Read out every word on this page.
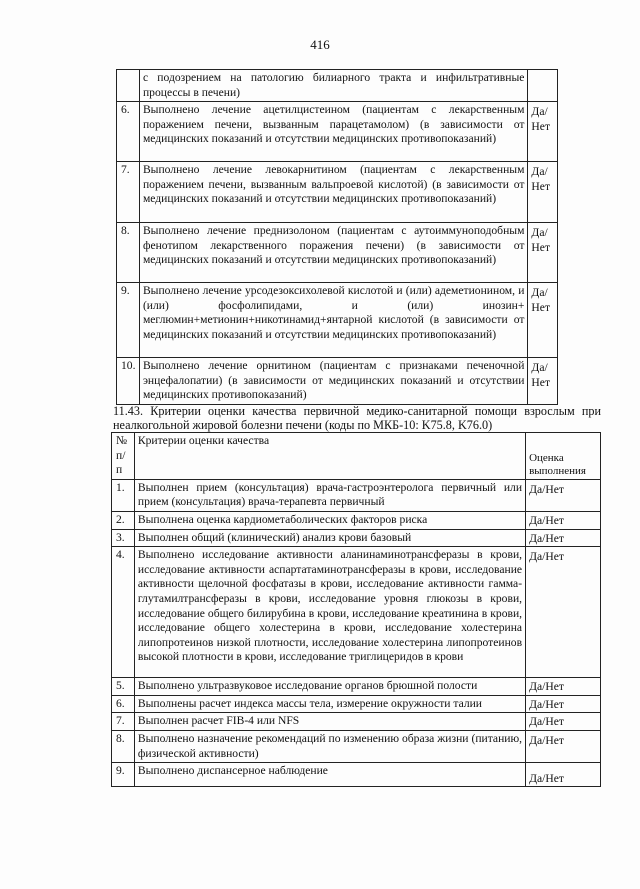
416
	с подозрением на патологию билиарного тракта и инфильтративные процессы в печени)	
6.	Выполнено лечение ацетилцистеином (пациентам с лекарственным поражением печени, вызванным парацетамолом) (в зависимости от медицинских показаний и отсутствии медицинских противопоказаний)	Да/Нет
7.	Выполнено лечение левокарнитином (пациентам с лекарственным поражением печени, вызванным вальпроевой кислотой) (в зависимости от медицинских показаний и отсутствии медицинских противопоказаний)	Да/Нет
8.	Выполнено лечение преднизолоном (пациентам с аутоиммуноподобным фенотипом лекарственного поражения печени) (в зависимости от медицинских показаний и отсутствии медицинских противопоказаний)	Да/Нет
9.	Выполнено лечение урсодезоксихолевой кислотой и (или) адеметионином, и (или) фосфолипидами, и (или) инозин+ меглюмин+метионин+никотинамид+янтарной кислотой (в зависимости от медицинских показаний и отсутствии медицинских противопоказаний)	Да/Нет
10.	Выполнено лечение орнитином (пациентам с признаками печеночной энцефалопатии) (в зависимости от медицинских показаний и отсутствии медицинских противопоказаний)	Да/Нет
11.43. Критерии оценки качества первичной медико-санитарной помощи взрослым при неалкогольной жировой болезни печени (коды по МКБ-10: K75.8, K76.0)
№ п/п	Критерии оценки качества	Оценка выполнения
1.	Выполнен прием (консультация) врача-гастроэнтеролога первичный или прием (консультация) врача-терапевта первичный	Да/Нет
2.	Выполнена оценка кардиометаболических факторов риска	Да/Нет
3.	Выполнен общий (клинический) анализ крови базовый	Да/Нет
4.	Выполнено исследование активности аланинаминотрансферазы в крови, исследование активности аспартатаминотрансферазы в крови, исследование активности щелочной фосфатазы в крови, исследование активности гамма-глутамилтрансферазы в крови, исследование уровня глюкозы в крови, исследование общего билирубина в крови, исследование креатинина в крови, исследование общего холестерина в крови, исследование холестерина липопротеинов низкой плотности, исследование холестерина липопротеинов высокой плотности в крови, исследование триглицеридов в крови	Да/Нет
5.	Выполнено ультразвуковое исследование органов брюшной полости	Да/Нет
6.	Выполнены расчет индекса массы тела, измерение окружности талии	Да/Нет
7.	Выполнен расчет FIB-4 или NFS	Да/Нет
8.	Выполнено назначение рекомендаций по изменению образа жизни (питанию, физической активности)	Да/Нет
9.	Выполнено диспансерное наблюдение	Да/Нет
